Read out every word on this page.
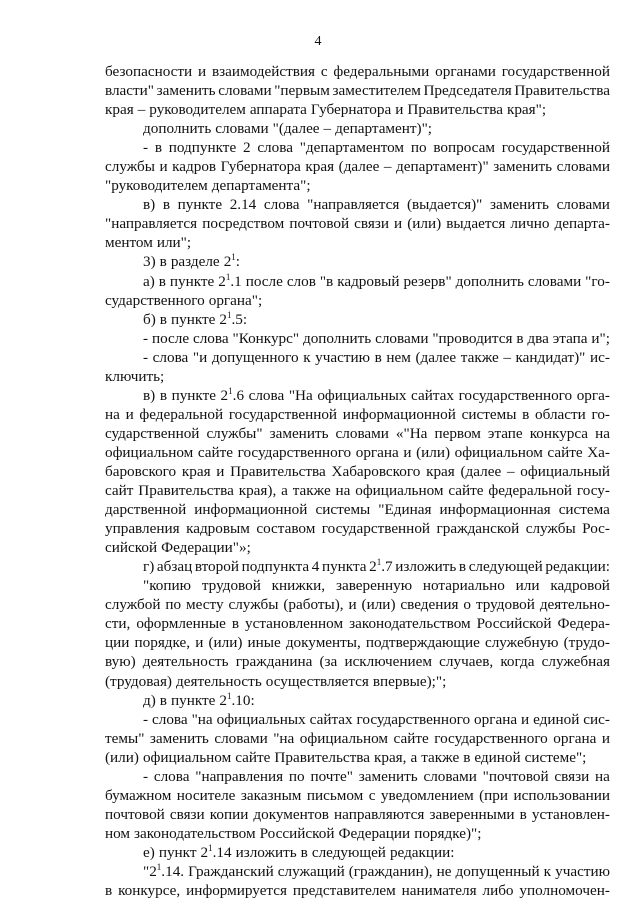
4
безопасности и взаимодействия с федеральными органами государственной
власти" заменить словами "первым заместителем Председателя Правительства
края – руководителем аппарата Губернатора и Правительства края";
дополнить словами "(далее – департамент)";
- в подпункте 2 слова "департаментом по вопросам государственной
службы и кадров Губернатора края (далее – департамент)" заменить словами
"руководителем департамента";
в) в пункте 2.14 слова "направляется (выдается)" заменить словами
"направляется посредством почтовой связи и (или) выдается лично департа-
ментом или";
3) в разделе $2^1$:
а) в пункте $2^1.1$ после слов "в кадровый резерв" дополнить словами "го-
сударственного органа";
б) в пункте $2^1.5$:
- после слова "Конкурс" дополнить словами "проводится в два этапа и";
- слова "и допущенного к участию в нем (далее также – кандидат)" ис-
ключить;
в) в пункте $2^1.6$ слова "На официальных сайтах государственного орга-
на и федеральной государственной информационной системы в области го-
сударственной службы" заменить словами «"На первом этапе конкурса на
официальном сайте государственного органа и (или) официальном сайте Ха-
баровского края и Правительства Хабаровского края (далее – официальный
сайт Правительства края), а также на официальном сайте федеральной госу-
дарственной информационной системы "Единая информационная система
управления кадровым составом государственной гражданской службы Рос-
сийской Федерации"»;
г) абзац второй подпункта 4 пункта $2^1.7$ изложить в следующей редакции:
"копию трудовой книжки, заверенную нотариально или кадровой
службой по месту службы (работы), и (или) сведения о трудовой деятельно-
сти, оформленные в установленном законодательством Российской Федера-
ции порядке, и (или) иные документы, подтверждающие служебную (трудо-
вую) деятельность гражданина (за исключением случаев, когда служебная
(трудовая) деятельность осуществляется впервые);";
д) в пункте $2^1.10$:
- слова "на официальных сайтах государственного органа и единой сис-
темы" заменить словами "на официальном сайте государственного органа и
(или) официальном сайте Правительства края, а также в единой системе";
- слова "направления по почте" заменить словами "почтовой связи на
бумажном носителе заказным письмом с уведомлением (при использовании
почтовой связи копии документов направляются заверенными в установлен-
ном законодательством Российской Федерации порядке)";
е) пункт $2^1.14$ изложить в следующей редакции:
"$2^1.14$. Гражданский служащий (гражданин), не допущенный к участию
в конкурсе, информируется представителем нанимателя либо уполномочен-
